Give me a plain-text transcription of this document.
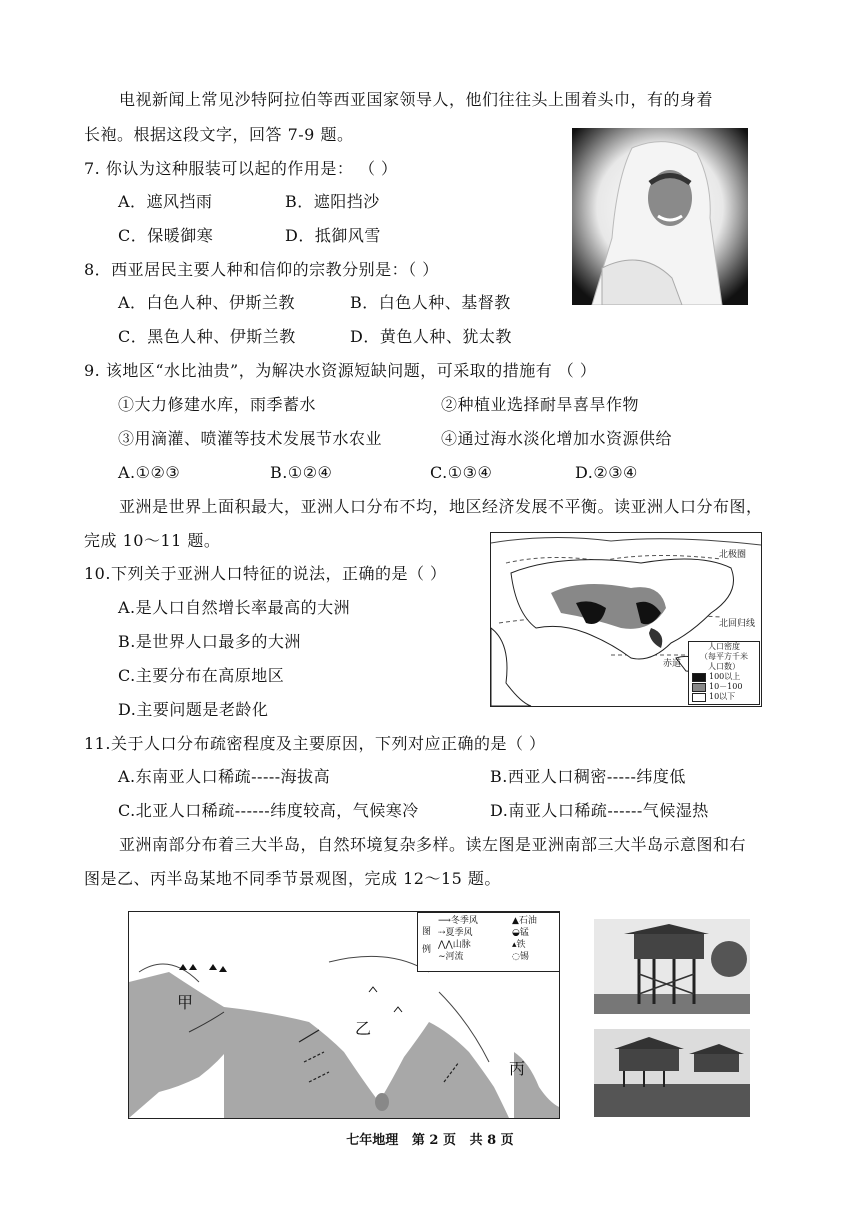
电视新闻上常见沙特阿拉伯等西亚国家领导人，他们往往头上围着头巾，有的身着
长袍。根据这段文字，回答 7-9 题。
7. 你认为这种服装可以起的作用是： （ ）
A．遮风挡雨	B．遮阳挡沙
C．保暖御寒	D．抵御风雪
8．西亚居民主要人种和信仰的宗教分别是：（ ）
A．白色人种、伊斯兰教	B．白色人种、基督教
C．黑色人种、伊斯兰教	D．黄色人种、犹太教
9. 该地区“水比油贵”，为解决水资源短缺问题，可采取的措施有 （ ）
①大力修建水库，雨季蓄水	②种植业选择耐旱喜旱作物
③用滴灌、喷灌等技术发展节水农业	④通过海水淡化增加水资源供给
A.①②③	B.①②④	C.①③④	D.②③④
亚洲是世界上面积最大，亚洲人口分布不均，地区经济发展不平衡。读亚洲人口分布图，
完成 10～11 题。
10.下列关于亚洲人口特征的说法，正确的是（ ）
A.是人口自然增长率最高的大洲
B.是世界人口最多的大洲
C.主要分布在高原地区
D.主要问题是老龄化
北极圈
北回归线
赤道
人口密度
（每平方千米
人口数）
100以上
10－100
10以下
11.关于人口分布疏密程度及主要原因，下列对应正确的是（ ）
A.东南亚人口稀疏-----海拔高	B.西亚人口稠密-----纬度低
C.北亚人口稀疏------纬度较高，气候寒冷	D.南亚人口稀疏------气候湿热
亚洲南部分布着三大半岛，自然环境复杂多样。读左图是亚洲南部三大半岛示意图和右
图是乙、丙半岛某地不同季节景观图，完成 12～15 题。
图
例
⟶冬季风
⇢夏季风
⋀⋀山脉
∼河流
▲石油
◒锰
▴铁
◌锡
甲
乙
丙
七年地理 第 2 页 共 8 页
